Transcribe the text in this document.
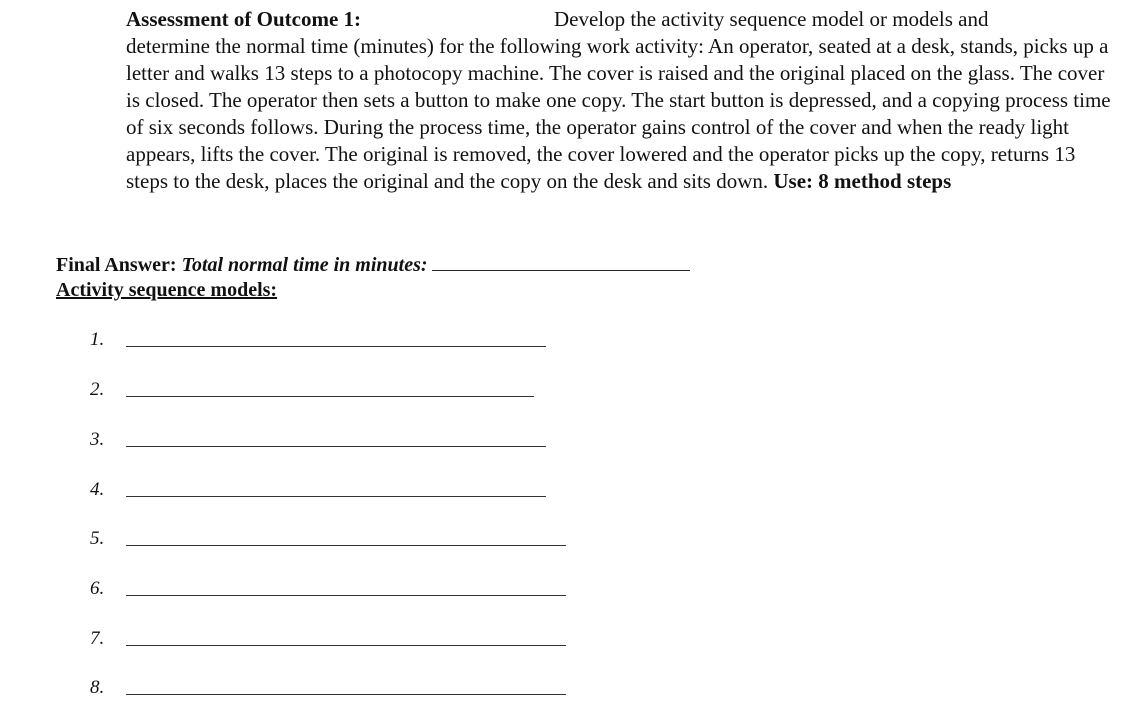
Assessment of Outcome 1:	Develop the activity sequence model or models and
determine the normal time (minutes) for the following work activity: An operator, seated at a desk, stands, picks up a letter and walks 13 steps to a photocopy machine. The cover is raised and the original placed on the glass. The cover is closed. The operator then sets a button to make one copy. The start button is depressed, and a copying process time of six seconds follows. During the process time, the operator gains control of the cover and when the ready light appears, lifts the cover. The original is removed, the cover lowered and the operator picks up the copy, returns 13 steps to the desk, places the original and the copy on the desk and sits down. Use: 8 method steps
Final Answer: Total normal time in minutes:
Activity sequence models:
1.
2.
3.
4.
5.
6.
7.
8.
